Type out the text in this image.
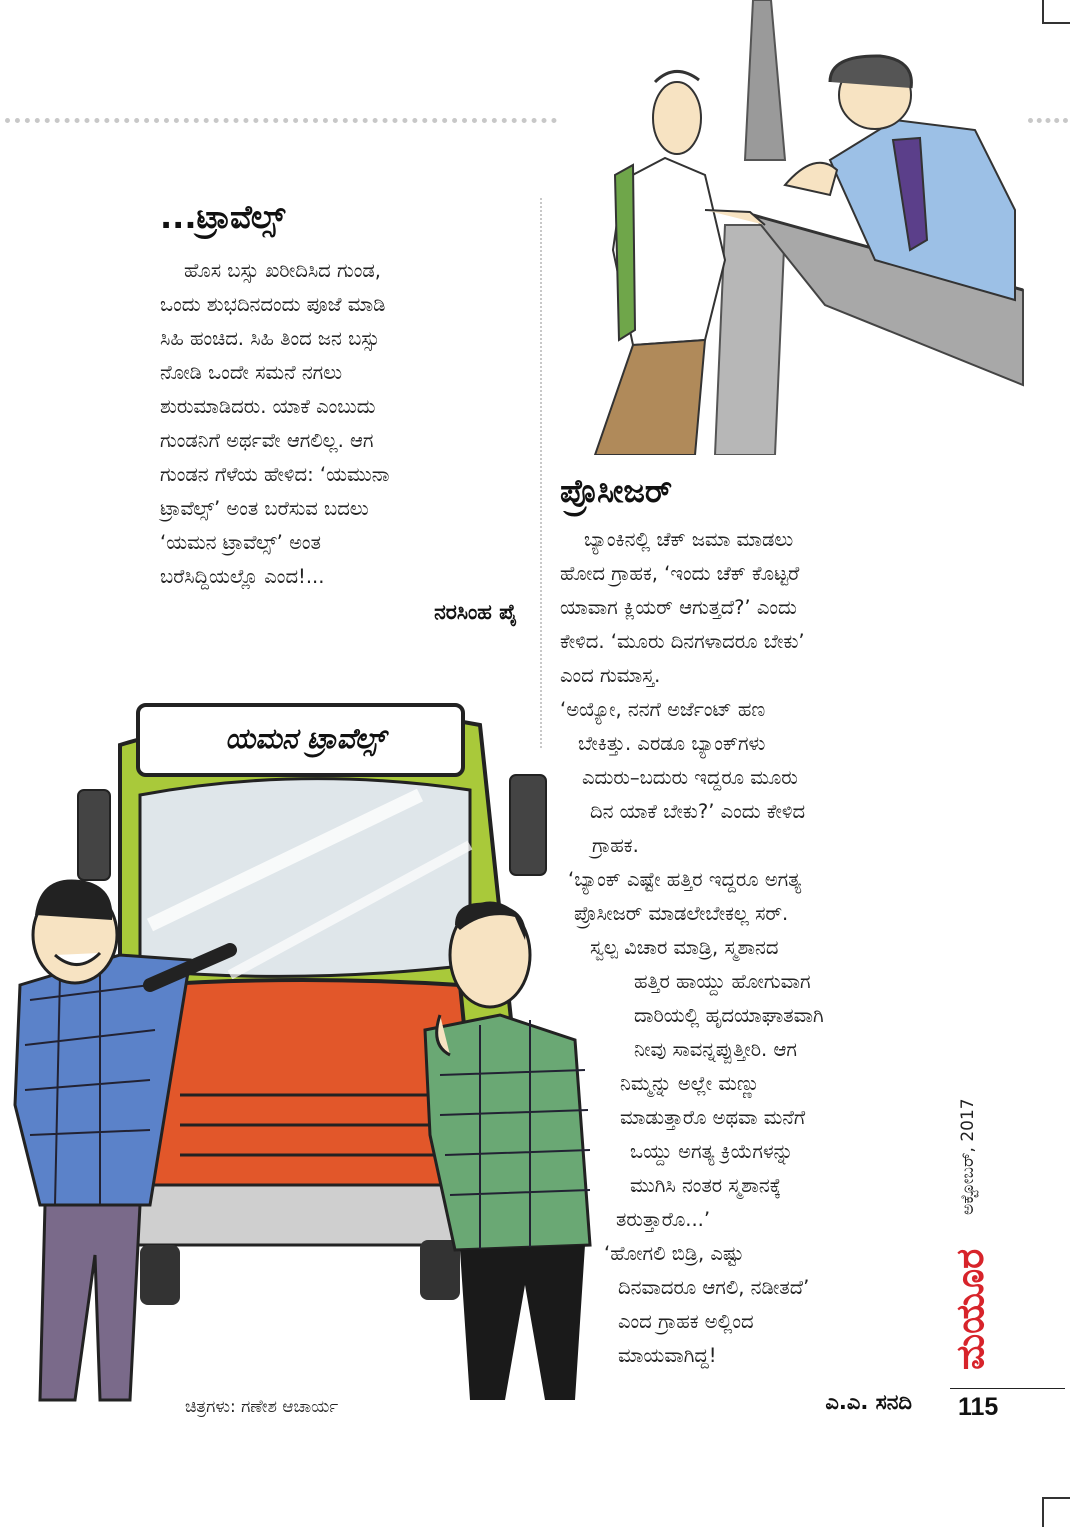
ಯಮನ ಟ್ರಾವೆಲ್ಸ್
...ಟ್ರಾವೆಲ್ಸ್
ಹೊಸ ಬಸ್ಸು ಖರೀದಿಸಿದ ಗುಂಡ,
ಒಂದು ಶುಭದಿನದಂದು ಪೂಜೆ ಮಾಡಿ
ಸಿಹಿ ಹಂಚಿದ. ಸಿಹಿ ತಿಂದ ಜನ ಬಸ್ಸು
ನೋಡಿ ಒಂದೇ ಸಮನೆ ನಗಲು
ಶುರುಮಾಡಿದರು. ಯಾಕೆ ಎಂಬುದು
ಗುಂಡನಿಗೆ ಅರ್ಥವೇ ಆಗಲಿಲ್ಲ. ಆಗ
ಗುಂಡನ ಗೆಳೆಯ ಹೇಳಿದ: ‘ಯಮುನಾ
ಟ್ರಾವೆಲ್ಸ್’ ಅಂತ ಬರೆಸುವ ಬದಲು
‘ಯಮನ ಟ್ರಾವೆಲ್ಸ್’ ಅಂತ
ಬರೆಸಿದ್ದಿಯಲ್ಲೊ ಎಂದ!...
ನರಸಿಂಹ ಪೈ
ಪ್ರೊಸೀಜರ್
ಬ್ಯಾಂಕಿನಲ್ಲಿ ಚೆಕ್ ಜಮಾ ಮಾಡಲು
ಹೋದ ಗ್ರಾಹಕ, ‘ಇಂದು ಚೆಕ್ ಕೊಟ್ಟರೆ
ಯಾವಾಗ ಕ್ಲಿಯರ್ ಆಗುತ್ತದೆ?’ ಎಂದು
ಕೇಳಿದ. ‘ಮೂರು ದಿನಗಳಾದರೂ ಬೇಕು’
ಎಂದ ಗುಮಾಸ್ತ.
‘ಅಯ್ಯೋ, ನನಗೆ ಅರ್ಜೆಂಟ್ ಹಣ
ಬೇಕಿತ್ತು. ಎರಡೂ ಬ್ಯಾಂಕ್‌ಗಳು
ಎದುರು–ಬದುರು ಇದ್ದರೂ ಮೂರು
ದಿನ ಯಾಕೆ ಬೇಕು?’ ಎಂದು ಕೇಳಿದ
ಗ್ರಾಹಕ.
‘ಬ್ಯಾಂಕ್ ಎಷ್ಟೇ ಹತ್ತಿರ ಇದ್ದರೂ ಅಗತ್ಯ
ಪ್ರೊಸೀಜರ್ ಮಾಡಲೇಬೇಕಲ್ಲ ಸರ್.
ಸ್ವಲ್ಪ ವಿಚಾರ ಮಾಡ್ರಿ, ಸ್ಮಶಾನದ
ಹತ್ತಿರ ಹಾಯ್ದು ಹೋಗುವಾಗ
ದಾರಿಯಲ್ಲಿ ಹೃದಯಾಘಾತವಾಗಿ
ನೀವು ಸಾವನ್ನಪ್ಪುತ್ತೀರಿ. ಆಗ
ನಿಮ್ಮನ್ನು ಅಲ್ಲೇ ಮಣ್ಣು
ಮಾಡುತ್ತಾರೊ ಅಥವಾ ಮನೆಗೆ
ಒಯ್ದು ಅಗತ್ಯ ಕ್ರಿಯೆಗಳನ್ನು
ಮುಗಿಸಿ ನಂತರ ಸ್ಮಶಾನಕ್ಕೆ
ತರುತ್ತಾರೊ...’
‘ಹೋಗಲಿ ಬಿಡ್ರಿ, ಎಷ್ಟು
ದಿನವಾದರೂ ಆಗಲಿ, ನಡೀತದೆ’
ಎಂದ ಗ್ರಾಹಕ ಅಲ್ಲಿಂದ
ಮಾಯವಾಗಿದ್ದ!
ಎ.ಎ. ಸನದಿ
ಚಿತ್ರಗಳು: ಗಣೇಶ ಆಚಾರ್ಯ
ಮಯೂರ
ಅಕ್ಟೋಬರ್, 2017
115
